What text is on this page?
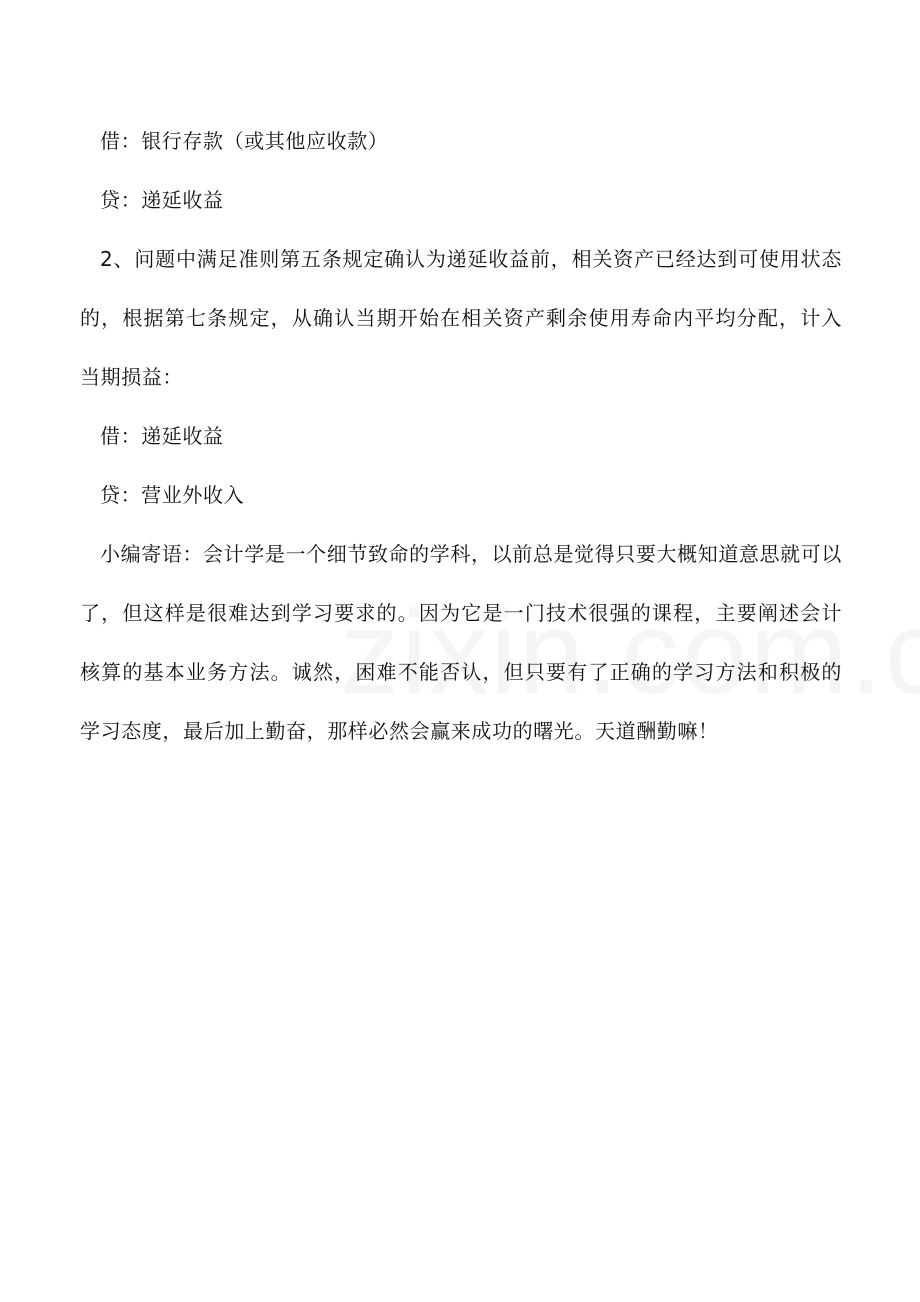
借：银行存款（或其他应收款）

贷：递延收益

2、问题中满足准则第五条规定确认为递延收益前，相关资产已经达到可使用状态的，根据第七条规定，从确认当期开始在相关资产剩余使用寿命内平均分配，计入当期损益：

借：递延收益

贷：营业外收入

小编寄语：会计学是一个细节致命的学科，以前总是觉得只要大概知道意思就可以了，但这样是很难达到学习要求的。因为它是一门技术很强的课程，主要阐述会计核算的基本业务方法。诚然，困难不能否认，但只要有了正确的学习方法和积极的学习态度，最后加上勤奋，那样必然会赢来成功的曙光。天道酬勤嘛！
